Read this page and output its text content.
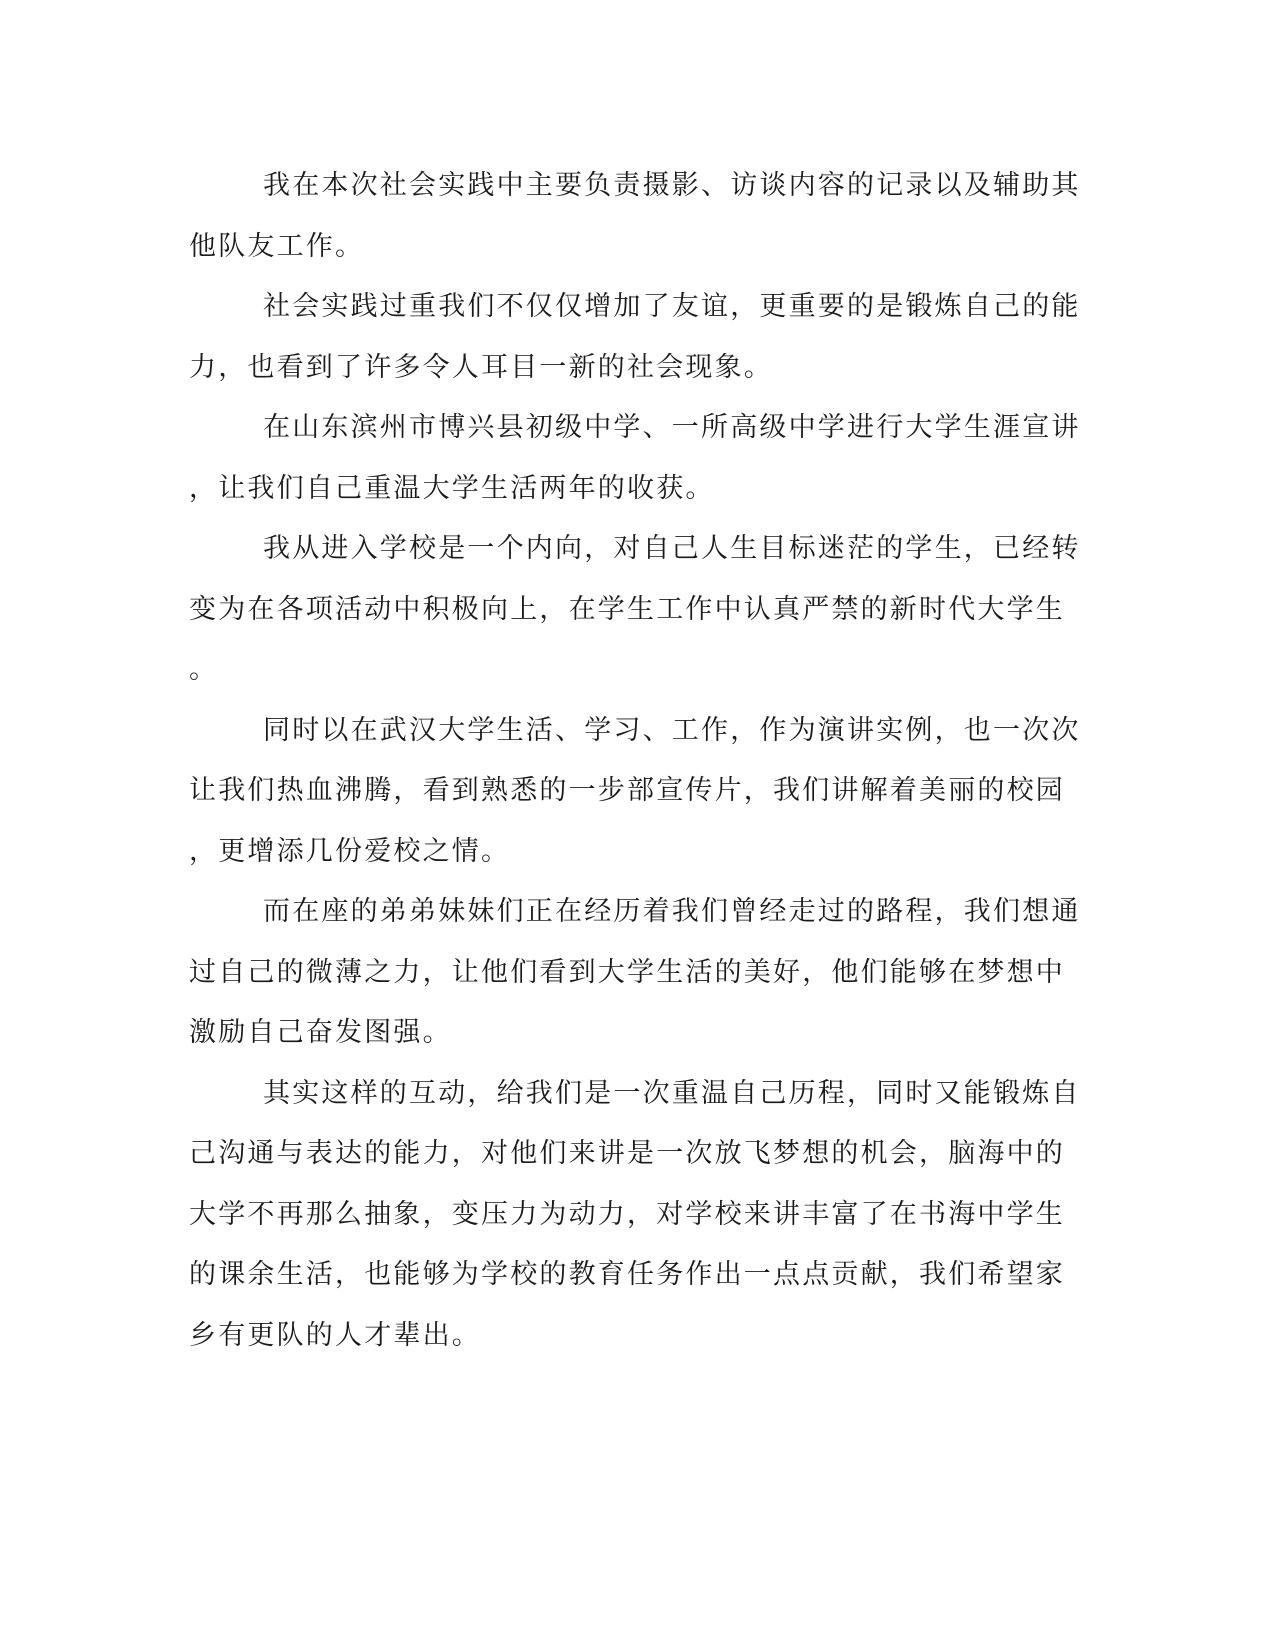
我在本次社会实践中主要负责摄影、访谈内容的记录以及辅助其
他队友工作。
社会实践过重我们不仅仅增加了友谊，更重要的是锻炼自己的能
力，也看到了许多令人耳目一新的社会现象。
在山东滨州市博兴县初级中学、一所高级中学进行大学生涯宣讲
，让我们自己重温大学生活两年的收获。
我从进入学校是一个内向，对自己人生目标迷茫的学生，已经转
变为在各项活动中积极向上，在学生工作中认真严禁的新时代大学生
。
同时以在武汉大学生活、学习、工作，作为演讲实例，也一次次
让我们热血沸腾，看到熟悉的一步部宣传片，我们讲解着美丽的校园
，更增添几份爱校之情。
而在座的弟弟妹妹们正在经历着我们曾经走过的路程，我们想通
过自己的微薄之力，让他们看到大学生活的美好，他们能够在梦想中
激励自己奋发图强。
其实这样的互动，给我们是一次重温自己历程，同时又能锻炼自
己沟通与表达的能力，对他们来讲是一次放飞梦想的机会，脑海中的
大学不再那么抽象，变压力为动力，对学校来讲丰富了在书海中学生
的课余生活，也能够为学校的教育任务作出一点点贡献，我们希望家
乡有更队的人才辈出。
